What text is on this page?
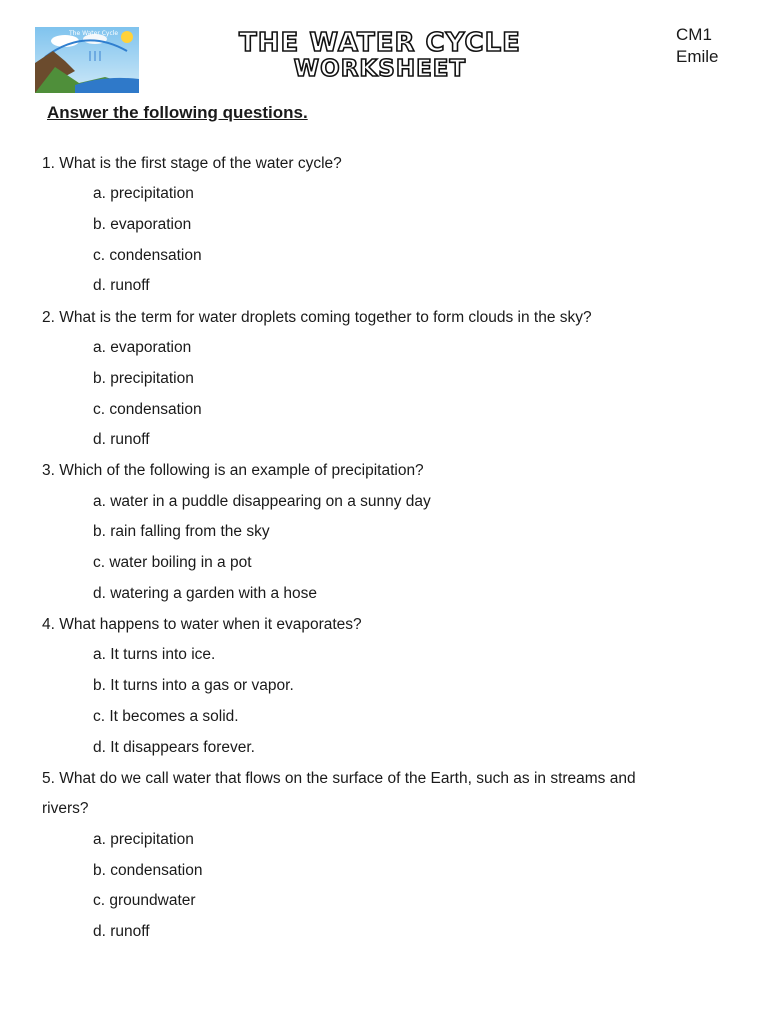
The Water Cycle	THE WATER CYCLE
WORKSHEET
CM1
Emile
Answer the following questions.
1. What is the first stage of the water cycle?
a. precipitation
b. evaporation
c. condensation
d. runoff
2. What is the term for water droplets coming together to form clouds in the sky?
a. evaporation
b. precipitation
c. condensation
d. runoff
3. Which of the following is an example of precipitation?
a. water in a puddle disappearing on a sunny day
b. rain falling from the sky
c. water boiling in a pot
d. watering a garden with a hose
4. What happens to water when it evaporates?
a. It turns into ice.
b. It turns into a gas or vapor.
c. It becomes a solid.
d. It disappears forever.
5. What do we call water that flows on the surface of the Earth, such as in streams and
rivers?
a. precipitation
b. condensation
c. groundwater
d. runoff
